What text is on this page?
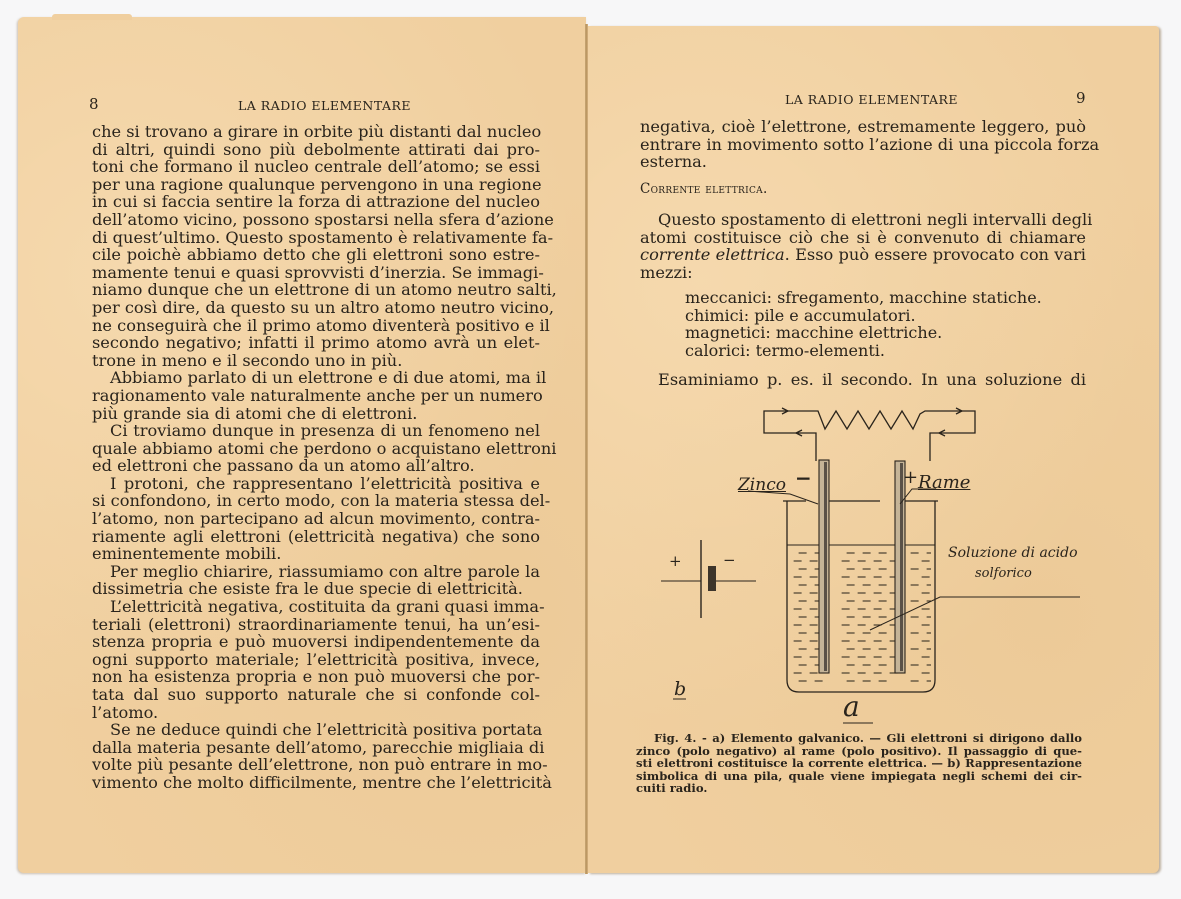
8	LA RADIO ELEMENTARE
che si trovano a girare in orbite più distanti dal nucleo
di altri, quindi sono più debolmente attirati dai pro-
toni che formano il nucleo centrale dell’atomo; se essi
per una ragione qualunque pervengono in una regione
in cui si faccia sentire la forza di attrazione del nucleo
dell’atomo vicino, possono spostarsi nella sfera d’azione
di quest’ultimo. Questo spostamento è relativamente fa-
cile poichè abbiamo detto che gli elettroni sono estre-
mamente tenui e quasi sprovvisti d’inerzia. Se immagi-
niamo dunque che un elettrone di un atomo neutro salti,
per così dire, da questo su un altro atomo neutro vicino,
ne conseguirà che il primo atomo diventerà positivo e il
secondo negativo; infatti il primo atomo avrà un elet-
trone in meno e il secondo uno in più.
Abbiamo parlato di un elettrone e di due atomi, ma il
ragionamento vale naturalmente anche per un numero
più grande sia di atomi che di elettroni.
Ci troviamo dunque in presenza di un fenomeno nel
quale abbiamo atomi che perdono o acquistano elettroni
ed elettroni che passano da un atomo all’altro.
I protoni, che rappresentano l’elettricità positiva e
si confondono, in certo modo, con la materia stessa del-
l’atomo, non partecipano ad alcun movimento, contra-
riamente agli elettroni (elettricità negativa) che sono
eminentemente mobili.
Per meglio chiarire, riassumiamo con altre parole la
dissimetria che esiste fra le due specie di elettricità.
L’elettricità negativa, costituita da grani quasi imma-
teriali (elettroni) straordinariamente tenui, ha un’esi-
stenza propria e può muoversi indipendentemente da
ogni supporto materiale; l’elettricità positiva, invece,
non ha esistenza propria e non può muoversi che por-
tata dal suo supporto naturale che si confonde col-
l’atomo.
Se ne deduce quindi che l’elettricità positiva portata
dalla materia pesante dell’atomo, parecchie migliaia di
volte più pesante dell’elettrone, non può entrare in mo-
vimento che molto difficilmente, mentre che l’elettricità
LA RADIO ELEMENTARE	9
negativa, cioè l’elettrone, estremamente leggero, può
entrare in movimento sotto l’azione di una piccola forza
esterna.
Corrente elettrica.
Questo spostamento di elettroni negli intervalli degli
atomi costituisce ciò che si è convenuto di chiamare
corrente elettrica. Esso può essere provocato con vari
mezzi:
meccanici: sfregamento, macchine statiche.
chimici: pile e accumulatori.
magnetici: macchine elettriche.
calorici: termo-elementi.
Esaminiamo p. es. il secondo. In una soluzione di
Zinco −	+ Rame
Soluzione di acido
solforico
+	−
b
a
Fig. 4. - a) Elemento galvanico. — Gli elettroni si dirigono dallo
zinco (polo negativo) al rame (polo positivo). Il passaggio di que-
sti elettroni costituisce la corrente elettrica. — b) Rappresentazione
simbolica di una pila, quale viene impiegata negli schemi dei cir-
cuiti radio.
